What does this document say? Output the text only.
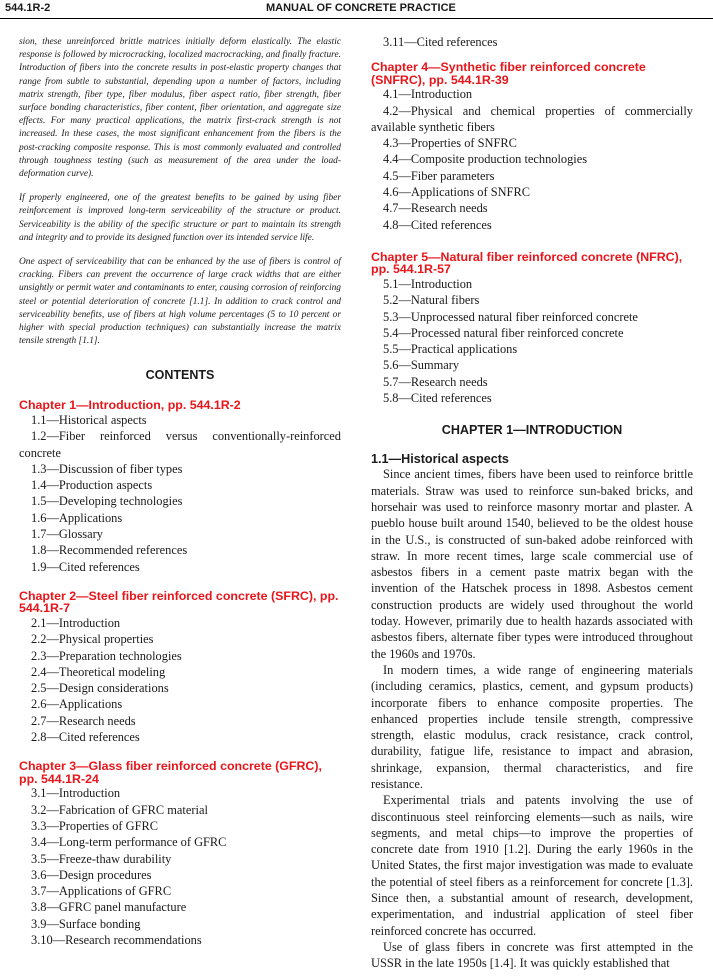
544.1R-2	MANUAL OF CONCRETE PRACTICE

sion, these unreinforced brittle matrices initially deform elastically. The elastic response is followed by microcracking, localized macrocracking, and finally fracture. Introduction of fibers into the concrete results in post-elastic property changes that range from subtle to substantial, depending upon a number of factors, including matrix strength, fiber type, fiber modulus, fiber aspect ratio, fiber strength, fiber surface bonding characteristics, fiber content, fiber orientation, and aggregate size effects. For many practical applications, the matrix first-crack strength is not increased. In these cases, the most significant enhancement from the fibers is the post-cracking composite response. This is most commonly evaluated and controlled through toughness testing (such as measurement of the area under the load-deformation curve).

If properly engineered, one of the greatest benefits to be gained by using fiber reinforcement is improved long-term serviceability of the structure or product. Serviceability is the ability of the specific structure or part to maintain its strength and integrity and to provide its designed function over its intended service life.

One aspect of serviceability that can be enhanced by the use of fibers is control of cracking. Fibers can prevent the occurrence of large crack widths that are either unsightly or permit water and contaminants to enter, causing corrosion of reinforcing steel or potential deterioration of concrete [1.1]. In addition to crack control and serviceability benefits, use of fibers at high volume percentages (5 to 10 percent or higher with special production techniques) can substantially increase the matrix tensile strength [1.1].

CONTENTS

Chapter 1—Introduction, pp. 544.1R-2

1.1—Historical aspects

1.2—Fiber reinforced versus conventionally-reinforced concrete

1.3—Discussion of fiber types

1.4—Production aspects

1.5—Developing technologies

1.6—Applications

1.7—Glossary

1.8—Recommended references

1.9—Cited references

Chapter 2—Steel fiber reinforced concrete (SFRC), pp. 544.1R-7

2.1—Introduction

2.2—Physical properties

2.3—Preparation technologies

2.4—Theoretical modeling

2.5—Design considerations

2.6—Applications

2.7—Research needs

2.8—Cited references

Chapter 3—Glass fiber reinforced concrete (GFRC), pp. 544.1R-24

3.1—Introduction

3.2—Fabrication of GFRC material

3.3—Properties of GFRC

3.4—Long-term performance of GFRC

3.5—Freeze-thaw durability

3.6—Design procedures

3.7—Applications of GFRC

3.8—GFRC panel manufacture

3.9—Surface bonding

3.10—Research recommendations

3.11—Cited references

Chapter 4—Synthetic fiber reinforced concrete (SNFRC), pp. 544.1R-39

4.1—Introduction

4.2—Physical and chemical properties of commercially available synthetic fibers

4.3—Properties of SNFRC

4.4—Composite production technologies

4.5—Fiber parameters

4.6—Applications of SNFRC

4.7—Research needs

4.8—Cited references

Chapter 5—Natural fiber reinforced concrete (NFRC), pp. 544.1R-57

5.1—Introduction

5.2—Natural fibers

5.3—Unprocessed natural fiber reinforced concrete

5.4—Processed natural fiber reinforced concrete

5.5—Practical applications

5.6—Summary

5.7—Research needs

5.8—Cited references

CHAPTER 1—INTRODUCTION

1.1—Historical aspects

Since ancient times, fibers have been used to reinforce brittle materials. Straw was used to reinforce sun-baked bricks, and horsehair was used to reinforce masonry mortar and plaster. A pueblo house built around 1540, believed to be the oldest house in the U.S., is constructed of sun-baked adobe reinforced with straw. In more recent times, large scale commercial use of asbestos fibers in a cement paste matrix began with the invention of the Hatschek process in 1898. Asbestos cement construction products are widely used throughout the world today. However, primarily due to health hazards associated with asbestos fibers, alternate fiber types were introduced throughout the 1960s and 1970s.

In modern times, a wide range of engineering materials (including ceramics, plastics, cement, and gypsum products) incorporate fibers to enhance composite properties. The enhanced properties include tensile strength, compressive strength, elastic modulus, crack resistance, crack control, durability, fatigue life, resistance to impact and abrasion, shrinkage, expansion, thermal characteristics, and fire resistance.

Experimental trials and patents involving the use of discontinuous steel reinforcing elements—such as nails, wire segments, and metal chips—to improve the properties of concrete date from 1910 [1.2]. During the early 1960s in the United States, the first major investigation was made to evaluate the potential of steel fibers as a reinforcement for concrete [1.3]. Since then, a substantial amount of research, development, experimentation, and industrial application of steel fiber reinforced concrete has occurred.

Use of glass fibers in concrete was first attempted in the USSR in the late 1950s [1.4]. It was quickly established that
